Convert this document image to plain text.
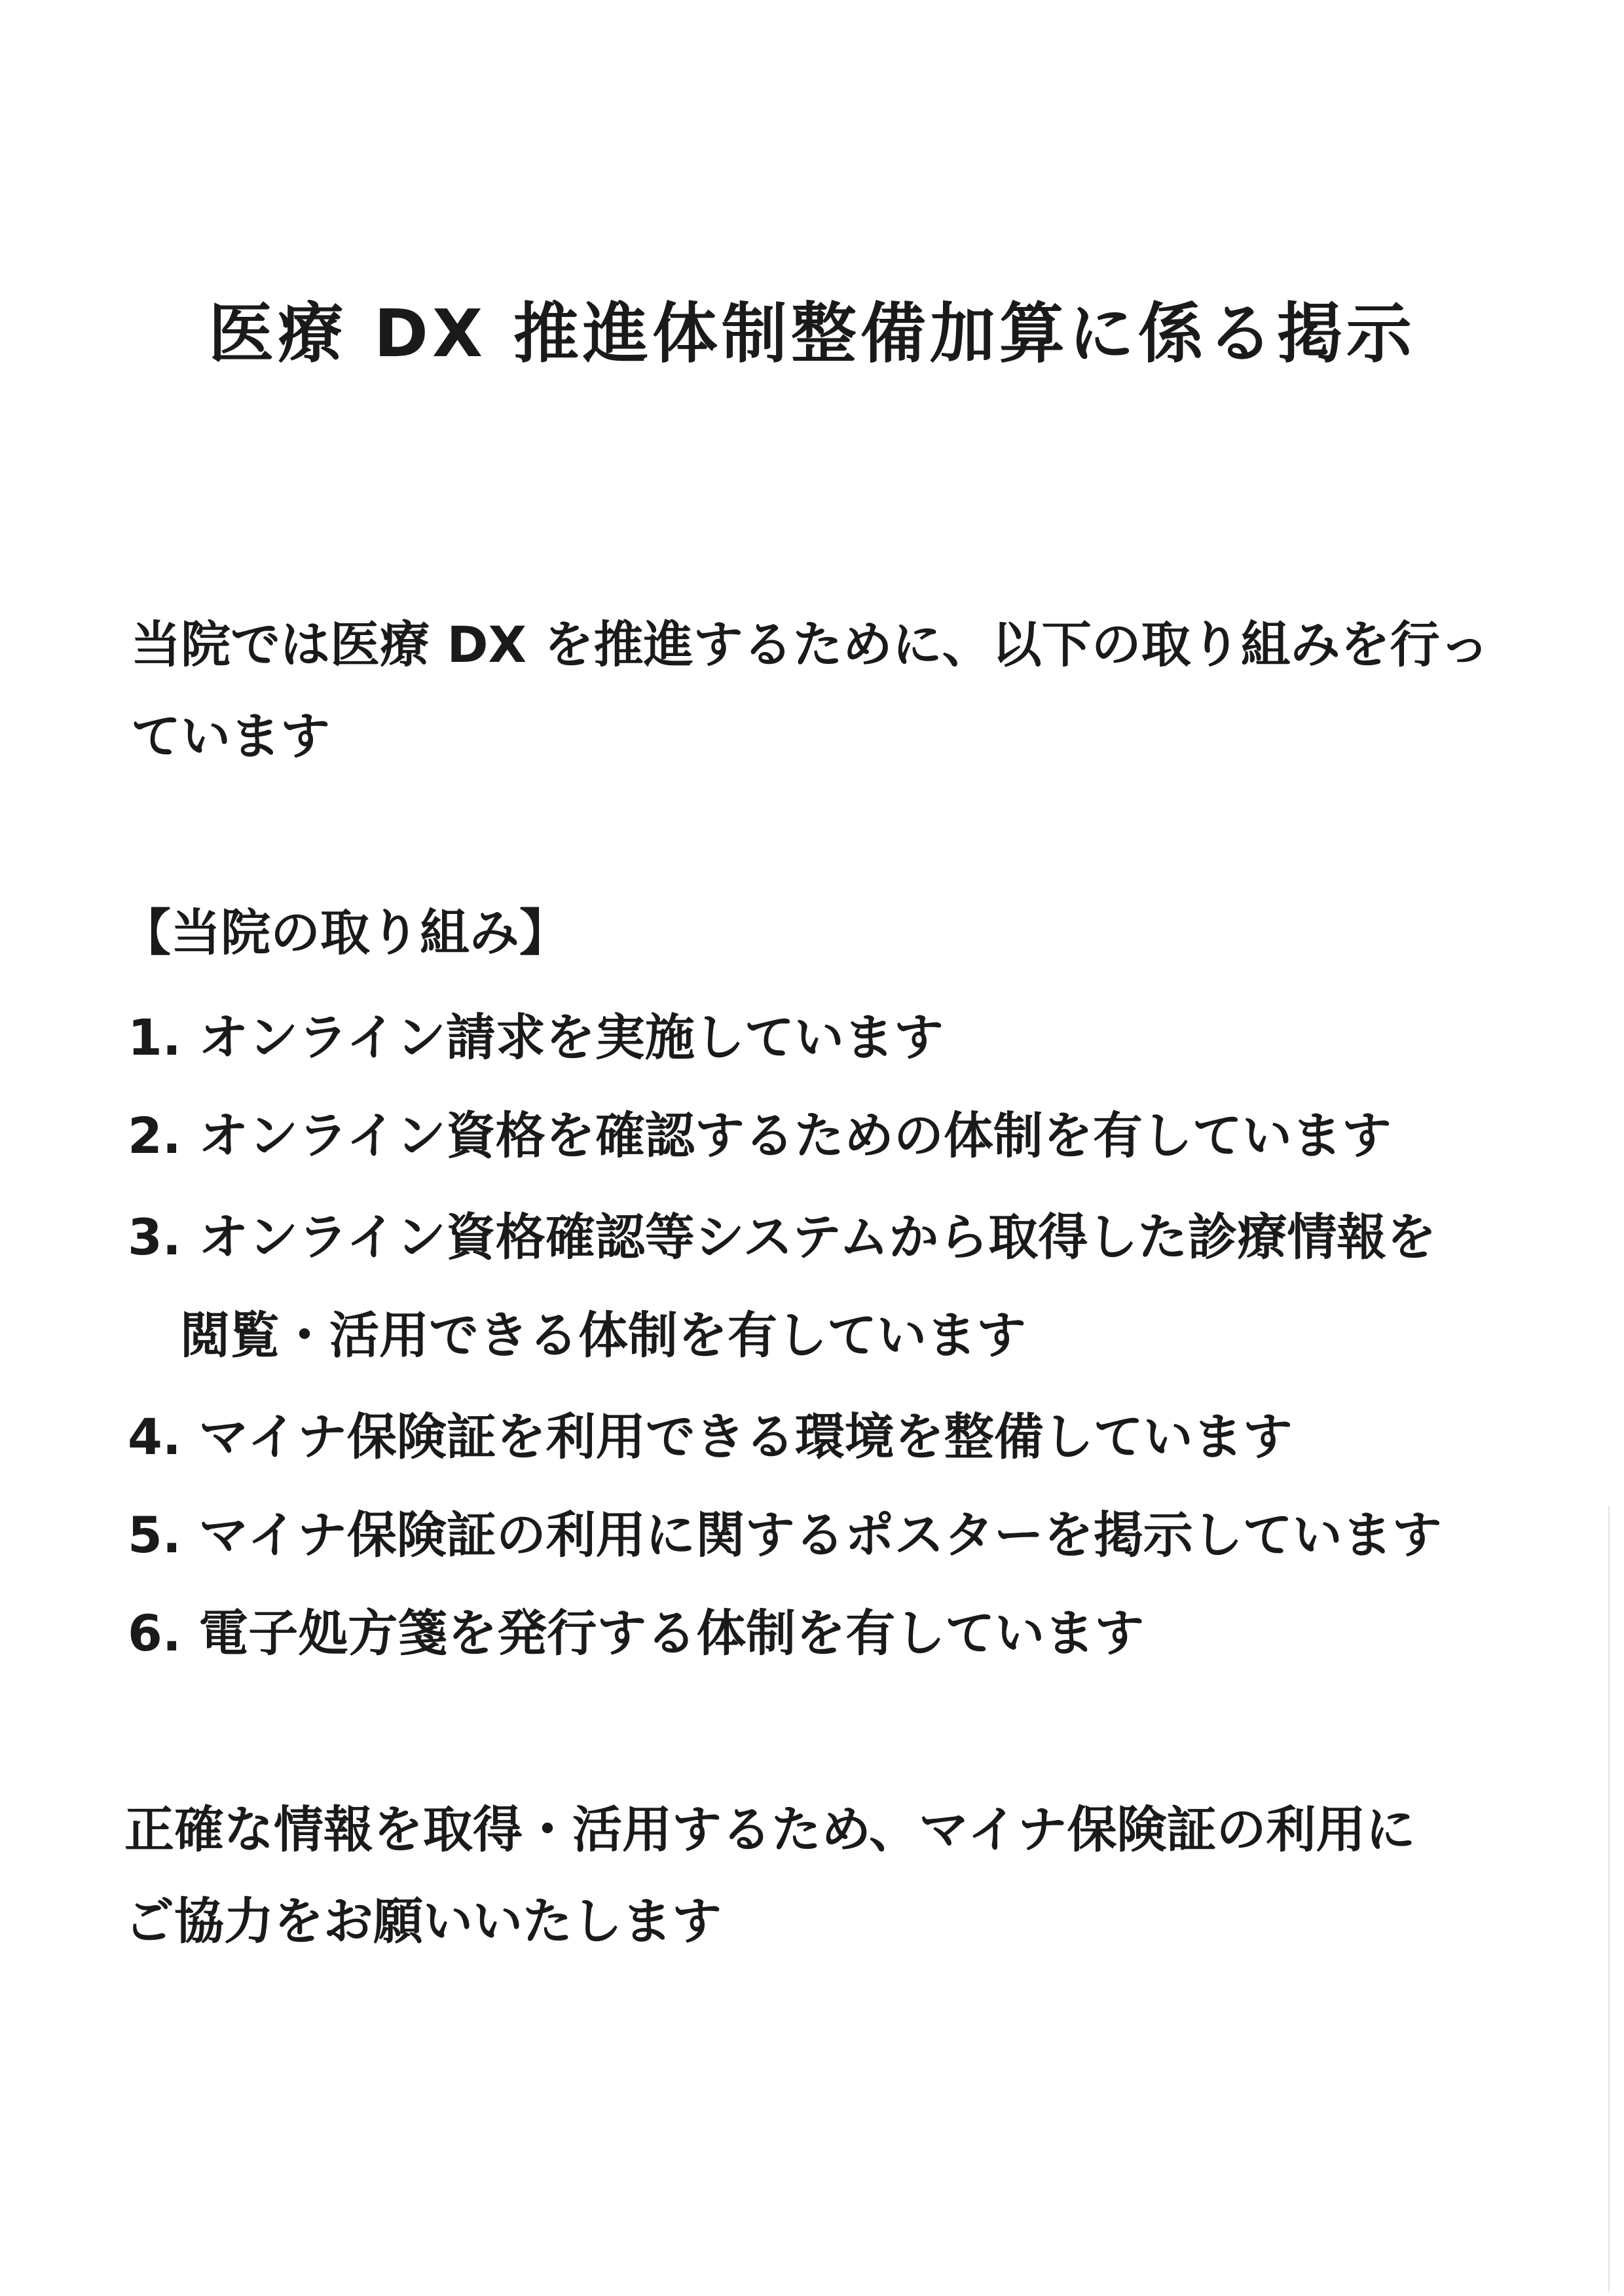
医療 DX 推進体制整備加算に係る掲示

当院では医療 DX を推進するために、以下の取り組みを行っ

ています

【当院の取り組み】

1. オンライン請求を実施しています

2. オンライン資格を確認するための体制を有しています

3. オンライン資格確認等システムから取得した診療情報を

閲覧・活用できる体制を有しています

4. マイナ保険証を利用できる環境を整備しています

5. マイナ保険証の利用に関するポスターを掲示しています

6. 電子処方箋を発行する体制を有しています

正確な情報を取得・活用するため、マイナ保険証の利用に

ご協力をお願いいたします
